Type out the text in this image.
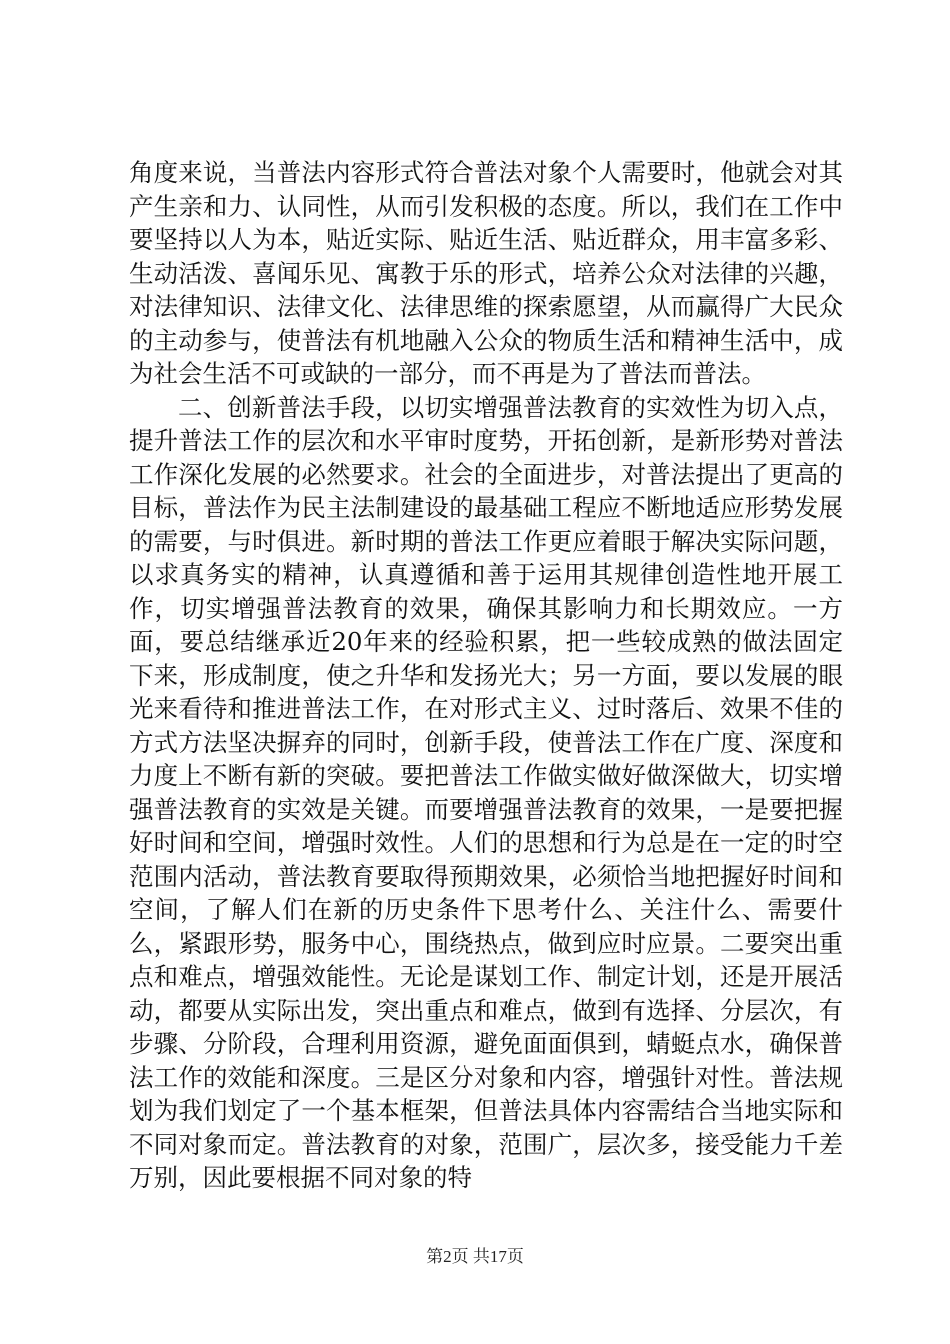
角度来说，当普法内容形式符合普法对象个人需要时，他就会对其产生亲和力、认同性，从而引发积极的态度。所以，我们在工作中要坚持以人为本，贴近实际、贴近生活、贴近群众，用丰富多彩、生动活泼、喜闻乐见、寓教于乐的形式，培养公众对法律的兴趣，对法律知识、法律文化、法律思维的探索愿望，从而赢得广大民众的主动参与，使普法有机地融入公众的物质生活和精神生活中，成为社会生活不可或缺的一部分，而不再是为了普法而普法。

二、创新普法手段，以切实增强普法教育的实效性为切入点，提升普法工作的层次和水平审时度势，开拓创新，是新形势对普法工作深化发展的必然要求。社会的全面进步，对普法提出了更高的目标，普法作为民主法制建设的最基础工程应不断地适应形势发展的需要，与时俱进。新时期的普法工作更应着眼于解决实际问题，以求真务实的精神，认真遵循和善于运用其规律创造性地开展工作，切实增强普法教育的效果，确保其影响力和长期效应。一方面，要总结继承近20年来的经验积累，把一些较成熟的做法固定下来，形成制度，使之升华和发扬光大；另一方面，要以发展的眼光来看待和推进普法工作，在对形式主义、过时落后、效果不佳的方式方法坚决摒弃的同时，创新手段，使普法工作在广度、深度和力度上不断有新的突破。要把普法工作做实做好做深做大，切实增强普法教育的实效是关键。而要增强普法教育的效果，一是要把握好时间和空间，增强时效性。人们的思想和行为总是在一定的时空范围内活动，普法教育要取得预期效果，必须恰当地把握好时间和空间，了解人们在新的历史条件下思考什么、关注什么、需要什么，紧跟形势，服务中心，围绕热点，做到应时应景。二要突出重点和难点，增强效能性。无论是谋划工作、制定计划，还是开展活动，都要从实际出发，突出重点和难点，做到有选择、分层次，有步骤、分阶段，合理利用资源，避免面面俱到，蜻蜓点水，确保普法工作的效能和深度。三是区分对象和内容，增强针对性。普法规划为我们划定了一个基本框架，但普法具体内容需结合当地实际和不同对象而定。普法教育的对象，范围广，层次多，接受能力千差万别，因此要根据不同对象的特

第2页 共17页
